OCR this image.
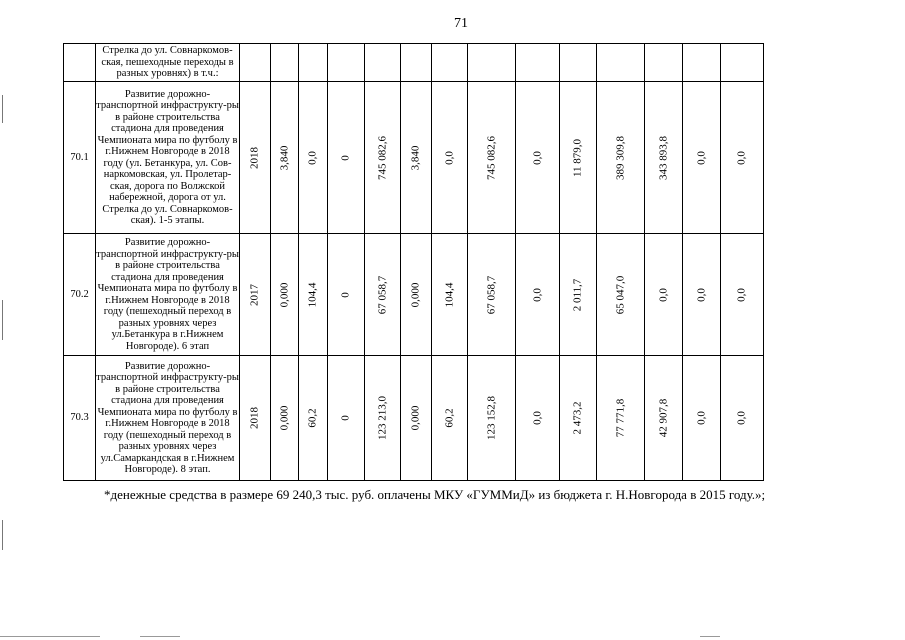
71
	Стрелка до ул. Совнаркомов-ская, пешеходные переходы в разных уровнях) в т.ч.:														
70.1	Развитие дорожно-транспортной инфраструкту-ры в районе строительства стадиона для проведения Чемпионата мира по футболу в г.Нижнем Новгороде в 2018 году (ул. Бетанкура, ул. Сов-наркомовская, ул. Пролетар-ская, дорога по Волжской набережной, дорога от ул. Стрелка до ул. Совнаркомов-ская). 1-5 этапы.	2018	3,840	0,0	0	745 082,6	3,840	0,0	745 082,6	0,0	11 879,0	389 309,8	343 893,8	0,0	0,0

70.2	Развитие дорожно-транспортной инфраструкту-ры в районе строительства стадиона для проведения Чемпионата мира по футболу в г.Нижнем Новгороде в 2018 году (пешеходный переход в разных уровнях через ул.Бетанкура в г.Нижнем Новгороде). 6 этап	2017	0,000	104,4	0	67 058,7	0,000	104,4	67 058,7	0,0	2 011,7	65 047,0	0,0	0,0	0,0

70.3	Развитие дорожно-транспортной инфраструкту-ры в районе строительства стадиона для проведения Чемпионата мира по футболу в г.Нижнем Новгороде в 2018 году (пешеходный переход в разных уровнях через ул.Самаркандская в г.Нижнем Новгороде). 8 этап.	2018	0,000	60,2	0	123 213,0	0,000	60,2	123 152,8	0,0	2 473,2	77 771,8	42 907,8	0,0	0,0
*денежные средства в размере 69 240,3 тыс. руб. оплачены МКУ «ГУММиД» из бюджета г. Н.Новгорода в 2015 году.»;
